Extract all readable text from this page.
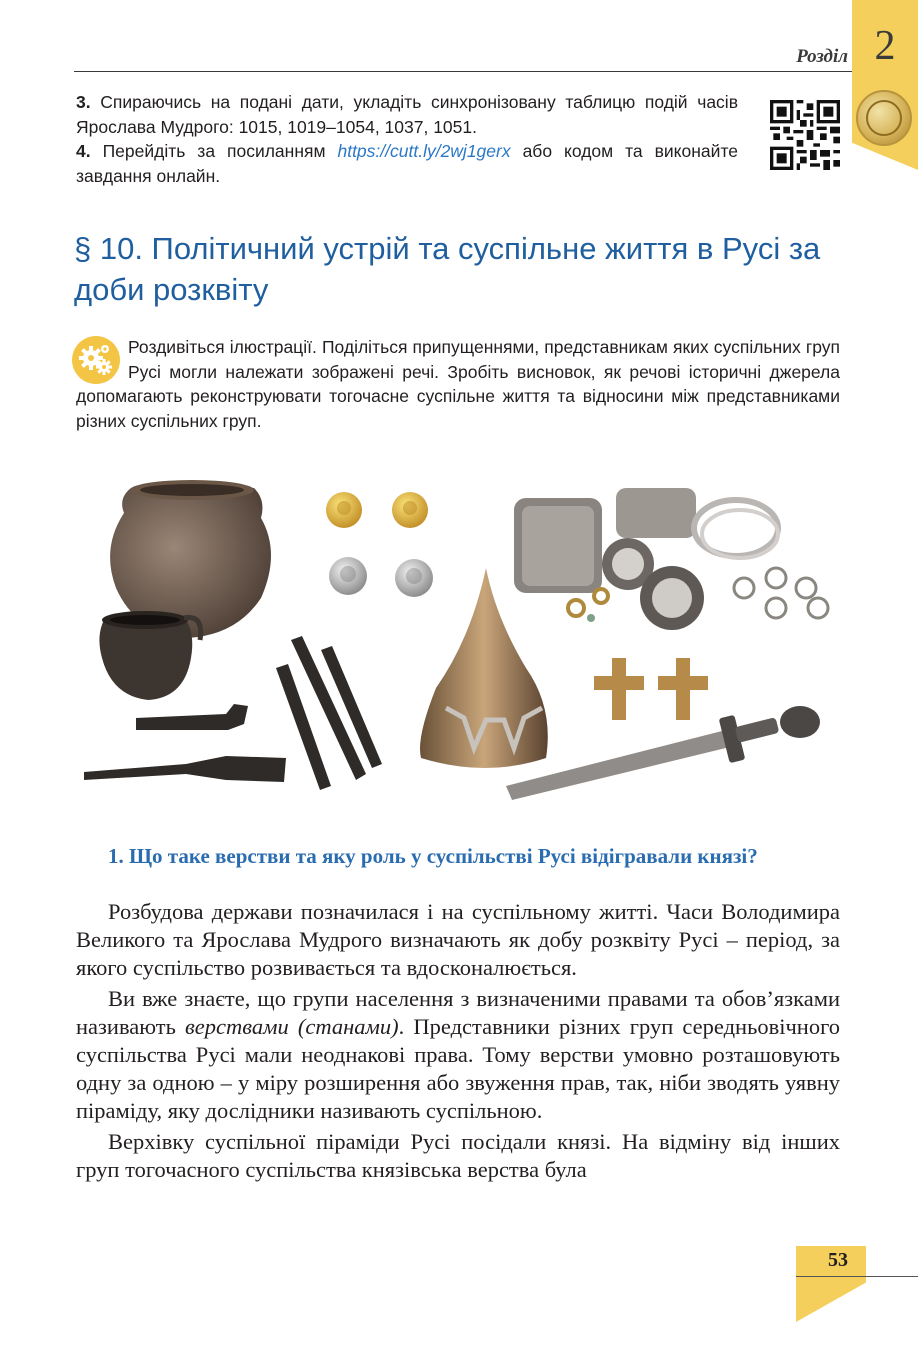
2
Розділ
3. Спираючись на подані дати, укладіть синхронізовану таблицю подій часів Ярослава Мудрого: 1015, 1019–1054, 1037, 1051.
4. Перейдіть за посиланням https://cutt.ly/2wj1gerx або кодом та виконайте завдання онлайн.
§ 10. Політичний устрій та суспільне життя в Русі за доби розквіту
Роздивіться ілюстрації. Поділіться припущеннями, представникам яких суспільних груп Русі могли належати зображені речі. Зробіть висновок, як речові історичні джерела допомагають реконструювати тогочасне суспільне життя та відносини між представниками різних суспільних груп.
1. Що таке верстви та яку роль у суспільстві Русі відігравали князі?

Розбудова держави позначилася і на суспільному житті. Часи Володимира Великого та Ярослава Мудрого визначають як добу розквіту Русі – період, за якого суспільство розвивається та вдосконалюється.

Ви вже знаєте, що групи населення з визначеними правами та обов’язками називають верствами (станами). Представники різних груп середньовічного суспільства Русі мали неоднакові права. Тому верстви умовно розташовують одну за одною – у міру розширення або звуження прав, так, ніби зводять уявну піраміду, яку дослідники називають суспільною.

Верхівку суспільної піраміди Русі посідали князі. На відміну від інших груп тогочасного суспільства князівська верства була

53
